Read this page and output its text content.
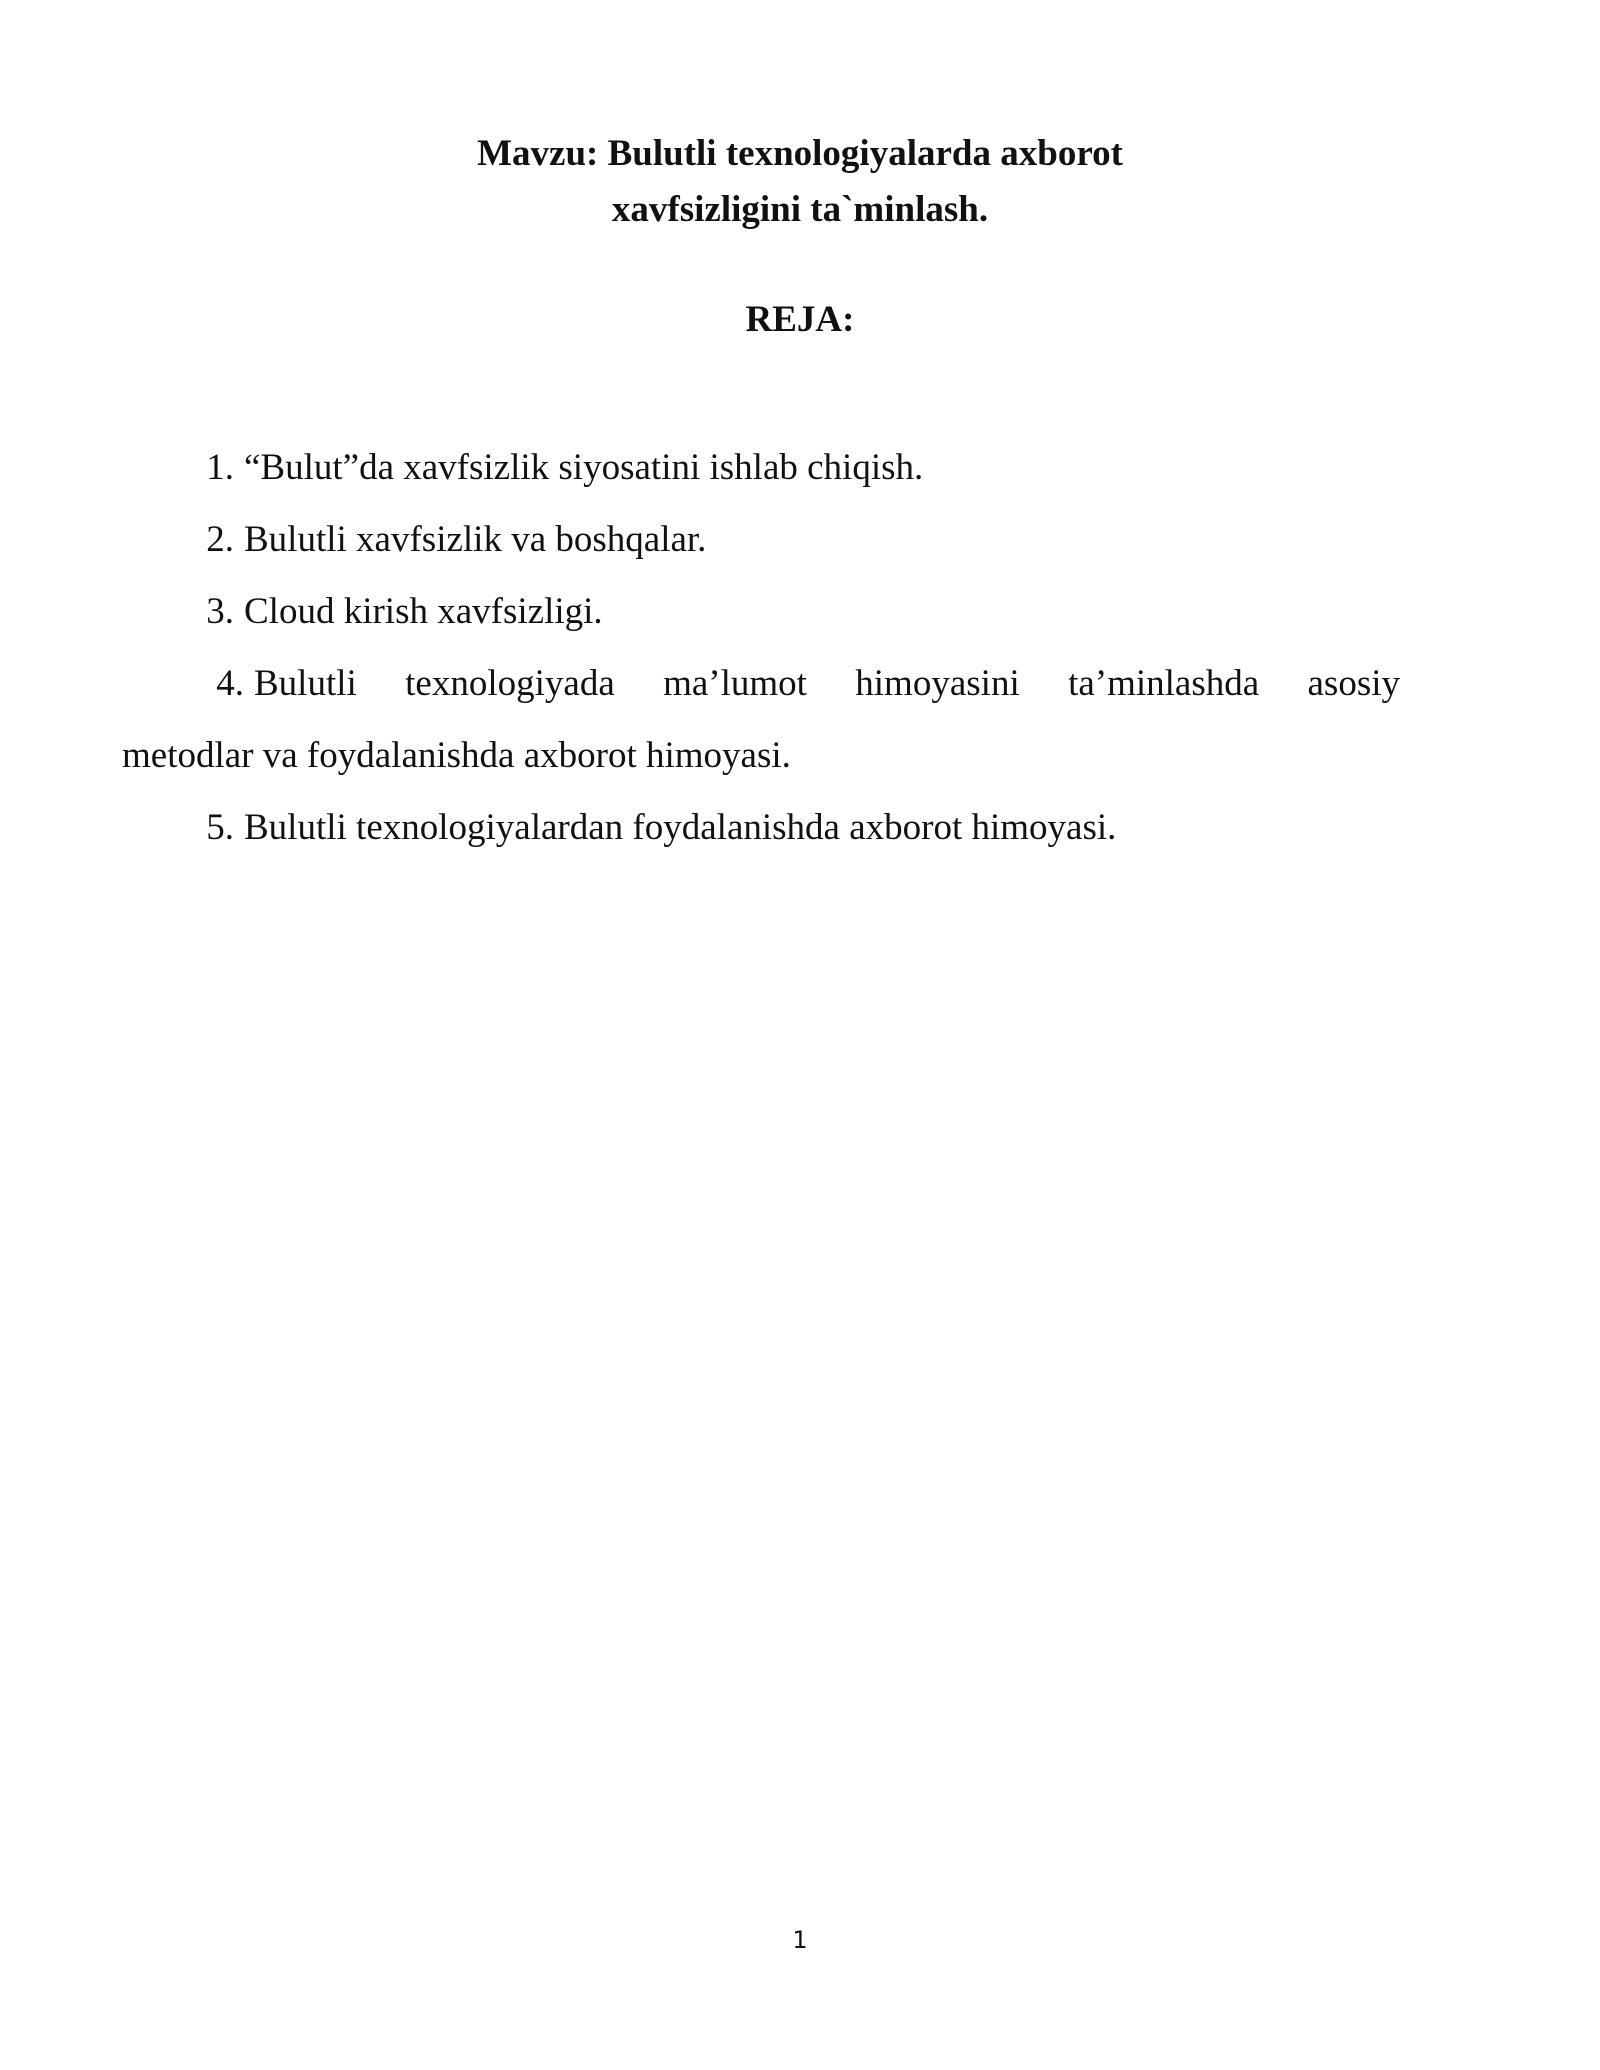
Mavzu: Bulutli texnologiyalarda axborot
xavfsizligini ta`minlash.
REJA:
1. “Bulut”da xavfsizlik siyosatini ishlab chiqish.
2. Bulutli xavfsizlik va boshqalar.
3. Cloud kirish xavfsizligi.
4. Bulutli texnologiyada ma’lumot himoyasini ta’minlashda asosiy
metodlar va foydalanishda axborot himoyasi.
5. Bulutli texnologiyalardan foydalanishda axborot himoyasi.
1
